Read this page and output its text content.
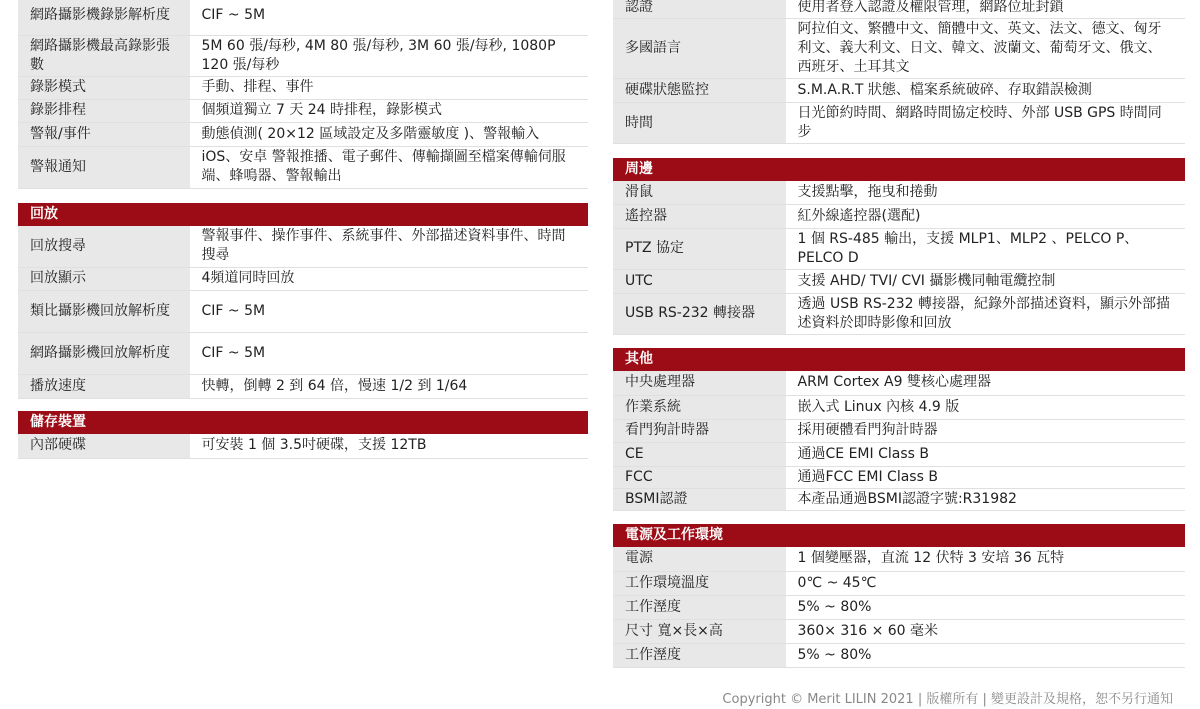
網路攝影機錄影解析度	CIF ~ 5M
網路攝影機最高錄影張數	5M 60 張/每秒, 4M 80 張/每秒, 3M 60 張/每秒, 1080P 120 張/每秒
錄影模式	手動、排程、事件
錄影排程	個頻道獨立 7 天 24 時排程，錄影模式
警報/事件	動態偵測( 20×12 區域設定及多階靈敏度 )、警報輸入
警報通知	iOS、安卓 警報推播、電子郵件、傳輸擷圖至檔案傳輸伺服端、蜂鳴器、警報輸出
回放
回放搜尋	警報事件、操作事件、系統事件、外部描述資料事件、時間搜尋
回放顯示	4頻道同時回放
類比攝影機回放解析度	CIF ~ 5M
網路攝影機回放解析度	CIF ~ 5M
播放速度	快轉，倒轉 2 到 64 倍，慢速 1/2 到 1/64
儲存裝置
內部硬碟	可安裝 1 個 3.5吋硬碟，支援 12TB
認證	使用者登入認證及權限管理，網路位址封鎖
多國語言	阿拉伯文、繁體中文、簡體中文、英文、法文、德文、匈牙利文、義大利文、日文、韓文、波蘭文、葡萄牙文、俄文、西班牙、土耳其文
硬碟狀態監控	S.M.A.R.T 狀態、檔案系統破碎、存取錯誤檢測
時間	日光節約時間、網路時間協定校時、外部 USB GPS 時間同步
周邊
滑鼠	支援點擊，拖曳和捲動
遙控器	紅外線遙控器(選配)
PTZ 協定	1 個 RS-485 輸出，支援 MLP1、MLP2 、PELCO P、PELCO D
UTC	支援 AHD/ TVI/ CVI 攝影機同軸電纜控制
USB RS-232 轉接器	透過 USB RS-232 轉接器，紀錄外部描述資料，顯示外部描述資料於即時影像和回放
其他
中央處理器	ARM Cortex A9 雙核心處理器
作業系統	嵌入式 Linux 內核 4.9 版
看門狗計時器	採用硬體看門狗計時器
CE	通過CE EMI Class B
FCC	通過FCC EMI Class B
BSMI認證	本產品通過BSMI認證字號:R31982
電源及工作環境
電源	1 個變壓器，直流 12 伏特 3 安培 36 瓦特
工作環境溫度	0℃ ~ 45℃
工作溼度	5% ~ 80%
尺寸 寬×長×高	360× 316 × 60 毫米
工作溼度	5% ~ 80%
Copyright © Merit LILIN 2021 | 版權所有 | 變更設計及規格，恕不另行通知
